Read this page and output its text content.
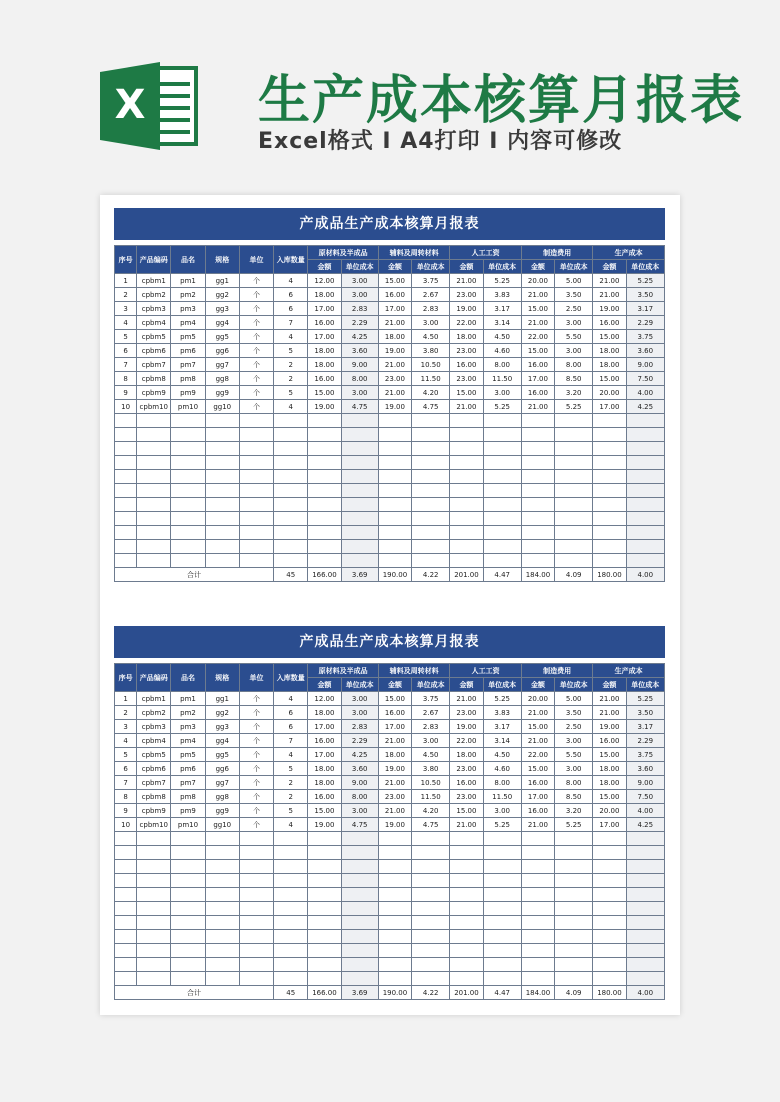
X 生产成本核算月报表
Excel格式 I A4打印 I 内容可修改
产成品生产成本核算月报表
序号	产品编码	品名	规格	单位	入库数量	原材料及半成品		辅料及周转材料		人工工资		制造费用		生产成本	
						金额	单位成本	金额	单位成本	金额	单位成本	金额	单位成本	金额	单位成本
1	cpbm1	pm1	gg1	个	4	12.00	3.00	15.00	3.75	21.00	5.25	20.00	5.00	21.00	5.25
2	cpbm2	pm2	gg2	个	6	18.00	3.00	16.00	2.67	23.00	3.83	21.00	3.50	21.00	3.50
3	cpbm3	pm3	gg3	个	6	17.00	2.83	17.00	2.83	19.00	3.17	15.00	2.50	19.00	3.17
4	cpbm4	pm4	gg4	个	7	16.00	2.29	21.00	3.00	22.00	3.14	21.00	3.00	16.00	2.29
5	cpbm5	pm5	gg5	个	4	17.00	4.25	18.00	4.50	18.00	4.50	22.00	5.50	15.00	3.75
6	cpbm6	pm6	gg6	个	5	18.00	3.60	19.00	3.80	23.00	4.60	15.00	3.00	18.00	3.60
7	cpbm7	pm7	gg7	个	2	18.00	9.00	21.00	10.50	16.00	8.00	16.00	8.00	18.00	9.00
8	cpbm8	pm8	gg8	个	2	16.00	8.00	23.00	11.50	23.00	11.50	17.00	8.50	15.00	7.50
9	cpbm9	pm9	gg9	个	5	15.00	3.00	21.00	4.20	15.00	3.00	16.00	3.20	20.00	4.00
10	cpbm10	pm10	gg10	个	4	19.00	4.75	19.00	4.75	21.00	5.25	21.00	5.25	17.00	4.25

合计					45	166.00	3.69	190.00	4.22	201.00	4.47	184.00	4.09	180.00	4.00
产成品生产成本核算月报表
序号	产品编码	品名	规格	单位	入库数量	原材料及半成品		辅料及周转材料		人工工资		制造费用		生产成本	
						金额	单位成本	金额	单位成本	金额	单位成本	金额	单位成本	金额	单位成本
1	cpbm1	pm1	gg1	个	4	12.00	3.00	15.00	3.75	21.00	5.25	20.00	5.00	21.00	5.25
2	cpbm2	pm2	gg2	个	6	18.00	3.00	16.00	2.67	23.00	3.83	21.00	3.50	21.00	3.50
3	cpbm3	pm3	gg3	个	6	17.00	2.83	17.00	2.83	19.00	3.17	15.00	2.50	19.00	3.17
4	cpbm4	pm4	gg4	个	7	16.00	2.29	21.00	3.00	22.00	3.14	21.00	3.00	16.00	2.29
5	cpbm5	pm5	gg5	个	4	17.00	4.25	18.00	4.50	18.00	4.50	22.00	5.50	15.00	3.75
6	cpbm6	pm6	gg6	个	5	18.00	3.60	19.00	3.80	23.00	4.60	15.00	3.00	18.00	3.60
7	cpbm7	pm7	gg7	个	2	18.00	9.00	21.00	10.50	16.00	8.00	16.00	8.00	18.00	9.00
8	cpbm8	pm8	gg8	个	2	16.00	8.00	23.00	11.50	23.00	11.50	17.00	8.50	15.00	7.50
9	cpbm9	pm9	gg9	个	5	15.00	3.00	21.00	4.20	15.00	3.00	16.00	3.20	20.00	4.00
10	cpbm10	pm10	gg10	个	4	19.00	4.75	19.00	4.75	21.00	5.25	21.00	5.25	17.00	4.25

合计					45	166.00	3.69	190.00	4.22	201.00	4.47	184.00	4.09	180.00	4.00
